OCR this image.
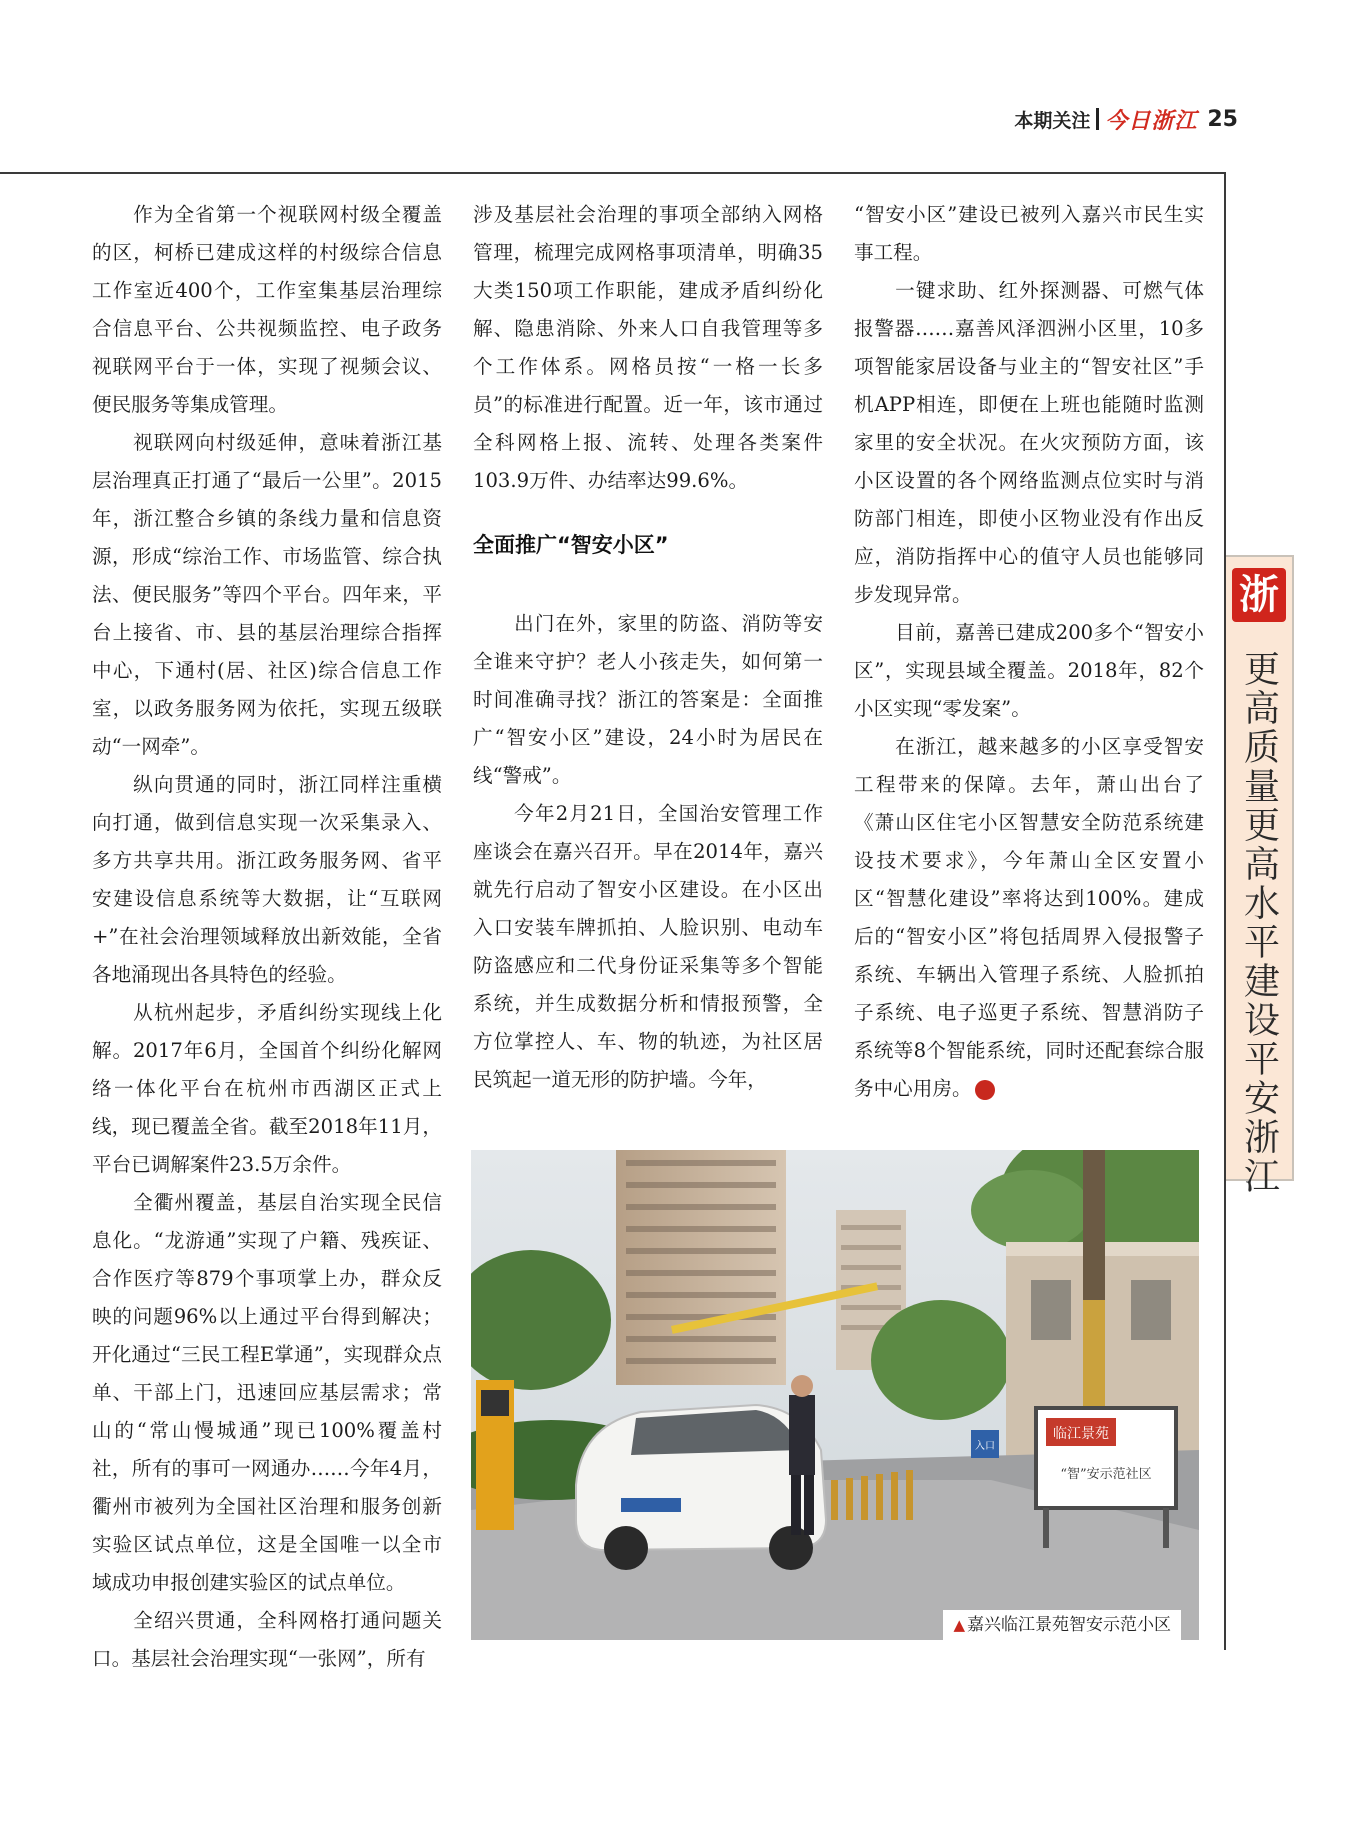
本期关注 今日浙江 25

作为全省第一个视联网村级全覆盖的区，柯桥已建成这样的村级综合信息工作室近400个，工作室集基层治理综合信息平台、公共视频监控、电子政务视联网平台于一体，实现了视频会议、便民服务等集成管理。

视联网向村级延伸，意味着浙江基层治理真正打通了“最后一公里”。2015年，浙江整合乡镇的条线力量和信息资源，形成“综治工作、市场监管、综合执法、便民服务”等四个平台。四年来，平台上接省、市、县的基层治理综合指挥中心，下通村(居、社区)综合信息工作室，以政务服务网为依托，实现五级联动“一网牵”。

纵向贯通的同时，浙江同样注重横向打通，做到信息实现一次采集录入、多方共享共用。浙江政务服务网、省平安建设信息系统等大数据，让“互联网+”在社会治理领域释放出新效能，全省各地涌现出各具特色的经验。

从杭州起步，矛盾纠纷实现线上化解。2017年6月，全国首个纠纷化解网络一体化平台在杭州市西湖区正式上线，现已覆盖全省。截至2018年11月，平台已调解案件23.5万余件。

全衢州覆盖，基层自治实现全民信息化。“龙游通”实现了户籍、残疾证、合作医疗等879个事项掌上办，群众反映的问题96%以上通过平台得到解决；开化通过“三民工程E掌通”，实现群众点单、干部上门，迅速回应基层需求；常山的“常山慢城通”现已100%覆盖村社，所有的事可一网通办……今年4月，衢州市被列为全国社区治理和服务创新实验区试点单位，这是全国唯一以全市域成功申报创建实验区的试点单位。

全绍兴贯通，全科网格打通问题关口。基层社会治理实现“一张网”，所有

涉及基层社会治理的事项全部纳入网格管理，梳理完成网格事项清单，明确35大类150项工作职能，建成矛盾纠纷化解、隐患消除、外来人口自我管理等多个工作体系。网格员按“一格一长多员”的标准进行配置。近一年，该市通过全科网格上报、流转、处理各类案件103.9万件、办结率达99.6%。

全面推广“智安小区”

出门在外，家里的防盗、消防等安全谁来守护？老人小孩走失，如何第一时间准确寻找？浙江的答案是：全面推广“智安小区”建设，24小时为居民在线“警戒”。

今年2月21日，全国治安管理工作座谈会在嘉兴召开。早在2014年，嘉兴就先行启动了智安小区建设。在小区出入口安装车牌抓拍、人脸识别、电动车防盗感应和二代身份证采集等多个智能系统，并生成数据分析和情报预警，全方位掌控人、车、物的轨迹，为社区居民筑起一道无形的防护墙。今年，

“智安小区”建设已被列入嘉兴市民生实事工程。

一键求助、红外探测器、可燃气体报警器……嘉善风泽泗洲小区里，10多项智能家居设备与业主的“智安社区”手机APP相连，即便在上班也能随时监测家里的安全状况。在火灾预防方面，该小区设置的各个网络监测点位实时与消防部门相连，即使小区物业没有作出反应，消防指挥中心的值守人员也能够同步发现异常。

目前，嘉善已建成200多个“智安小区”，实现县域全覆盖。2018年，82个小区实现“零发案”。

在浙江，越来越多的小区享受智安工程带来的保障。去年，萧山出台了《萧山区住宅小区智慧安全防范系统建设技术要求》，今年萧山全区安置小区“智慧化建设”率将达到100%。建成后的“智安小区”将包括周界入侵报警子系统、车辆出入管理子系统、人脸抓拍子系统、电子巡更子系统、智慧消防子系统等8个智能系统，同时还配套综合服务中心用房。	今

浙
更高质量更高水平建设平安浙江
临江景苑
“智”安示范社区
入口
▲ 嘉兴临江景苑智安示范小区
